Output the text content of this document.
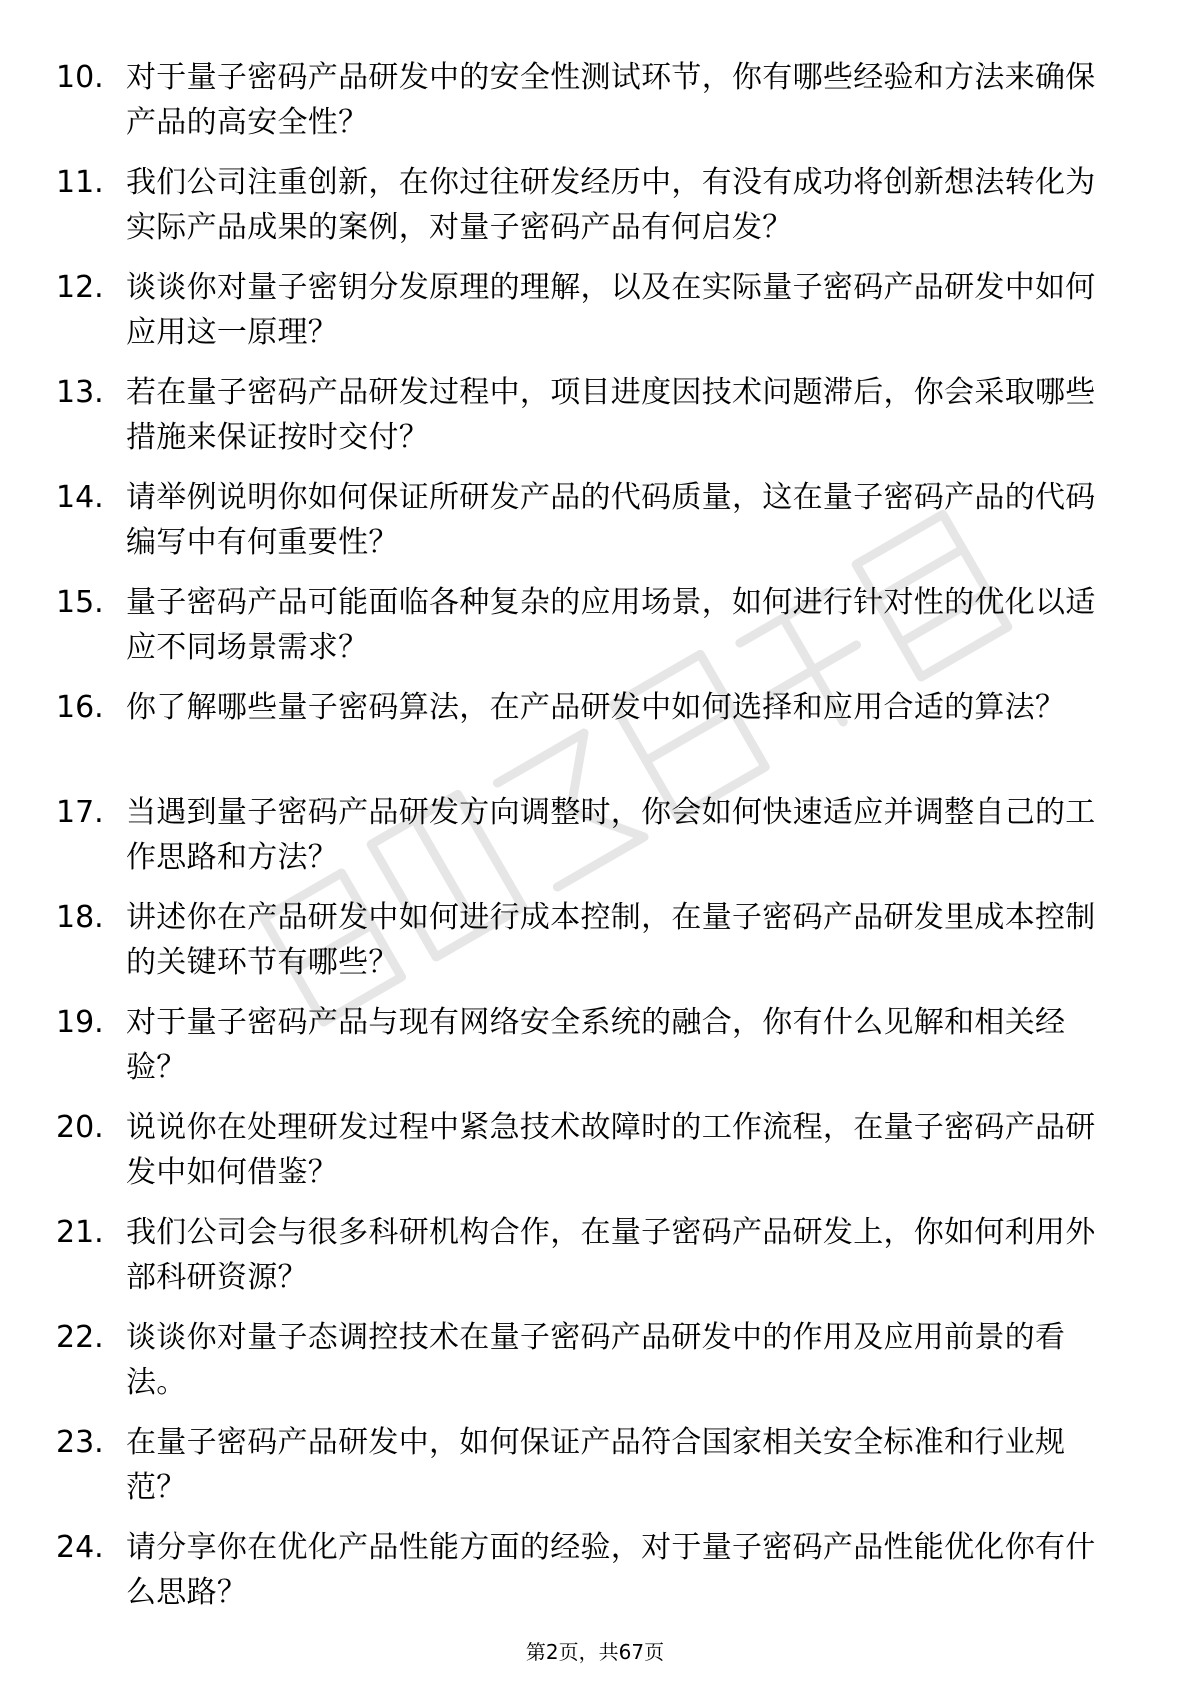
10. 对于量子密码产品研发中的安全性测试环节，你有哪些经验和方法来确保产品的高安全性？
11. 我们公司注重创新，在你过往研发经历中，有没有成功将创新想法转化为实际产品成果的案例，对量子密码产品有何启发？
12. 谈谈你对量子密钥分发原理的理解，以及在实际量子密码产品研发中如何应用这一原理？
13. 若在量子密码产品研发过程中，项目进度因技术问题滞后，你会采取哪些措施来保证按时交付？
14. 请举例说明你如何保证所研发产品的代码质量，这在量子密码产品的代码编写中有何重要性？
15. 量子密码产品可能面临各种复杂的应用场景，如何进行针对性的优化以适应不同场景需求？
16. 你了解哪些量子密码算法，在产品研发中如何选择和应用合适的算法？
17. 当遇到量子密码产品研发方向调整时，你会如何快速适应并调整自己的工作思路和方法？
18. 讲述你在产品研发中如何进行成本控制，在量子密码产品研发里成本控制的关键环节有哪些？
19. 对于量子密码产品与现有网络安全系统的融合，你有什么见解和相关经验？
20. 说说你在处理研发过程中紧急技术故障时的工作流程，在量子密码产品研发中如何借鉴？
21. 我们公司会与很多科研机构合作，在量子密码产品研发上，你如何利用外部科研资源？
22. 谈谈你对量子态调控技术在量子密码产品研发中的作用及应用前景的看法。
23. 在量子密码产品研发中，如何保证产品符合国家相关安全标准和行业规范？
24. 请分享你在优化产品性能方面的经验，对于量子密码产品性能优化你有什么思路？
第2页，共67页
